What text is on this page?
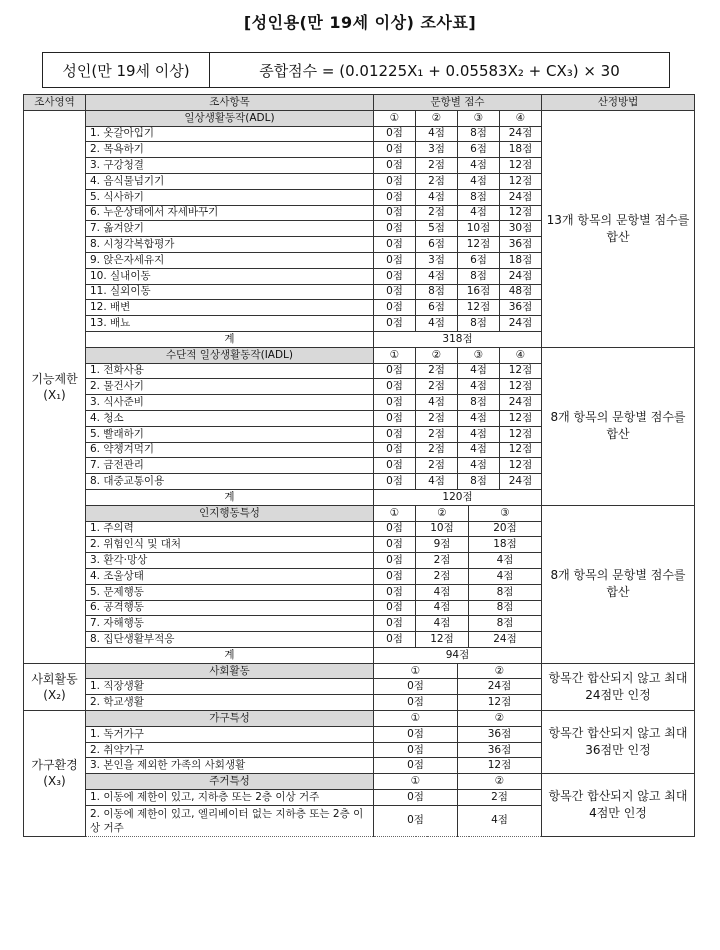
[성인용(만 19세 이상) 조사표]
성인(만 19세 이상)	종합점수 = (0.01225X₁ + 0.05583X₂ + CX₃) × 30
조사영역	조사항목	문항별 점수					산정방법
기능제한 (X₁)	일상생활동작(ADL)	①	②	③		④	13개 항목의 문항별 점수를 합산
	1. 옷갈아입기	0점	4점	8점		24점	
	2. 목욕하기	0점	3점	6점		18점	
	3. 구강청결	0점	2점	4점		12점	
	4. 음식물넘기기	0점	2점	4점		12점	
	5. 식사하기	0점	4점	8점		24점	
	6. 누운상태에서 자세바꾸기	0점	2점	4점		12점	
	7. 옮겨앉기	0점	5점	10점		30점	
	8. 시청각복합평가	0점	6점	12점		36점	
	9. 앉은자세유지	0점	3점	6점		18점	
	10. 실내이동	0점	4점	8점		24점	
	11. 실외이동	0점	8점	16점		48점	
	12. 배변	0점	6점	12점		36점	
	13. 배뇨	0점	4점	8점		24점	
	계	318점					
	수단적 일상생활동작(IADL)	①	②	③		④	8개 항목의 문항별 점수를 합산
	1. 전화사용	0점	2점	4점		12점	
	2. 물건사기	0점	2점	4점		12점	
	3. 식사준비	0점	4점	8점		24점	
	4. 청소	0점	2점	4점		12점	
	5. 빨래하기	0점	2점	4점		12점	
	6. 약챙겨먹기	0점	2점	4점		12점	
	7. 금전관리	0점	2점	4점		12점	
	8. 대중교통이용	0점	4점	8점		24점	
	계	120점					
	인지행동특성	①	②		③		8개 항목의 문항별 점수를 합산
	1. 주의력	0점	10점		20점		
	2. 위험인식 및 대처	0점	9점		18점		
	3. 환각·망상	0점	2점		4점		
	4. 조울상태	0점	2점		4점		
	5. 문제행동	0점	4점		8점		
	6. 공격행동	0점	4점		8점		
	7. 자해행동	0점	4점		8점		
	8. 집단생활부적응	0점	12점		24점		
	계	94점					
사회활동 (X₂)	사회활동	①		②			항목간 합산되지 않고 최대 24점만 인정
	1. 직장생활	0점		24점			
	2. 학교생활	0점		12점			
가구환경 (X₃)	가구특성	①		②			항목간 합산되지 않고 최대 36점만 인정
	1. 독거가구	0점		36점			
	2. 취약가구	0점		36점			
	3. 본인을 제외한 가족의 사회생활	0점		12점			
	주거특성	①		②			항목간 합산되지 않고 최대 4점만 인정
	1. 이동에 제한이 있고, 지하층 또는 2층 이상 거주	0점		2점			
	2. 이동에 제한이 있고, 엘리베이터 없는 지하층 또는 2층 이상 거주	0점		4점			
